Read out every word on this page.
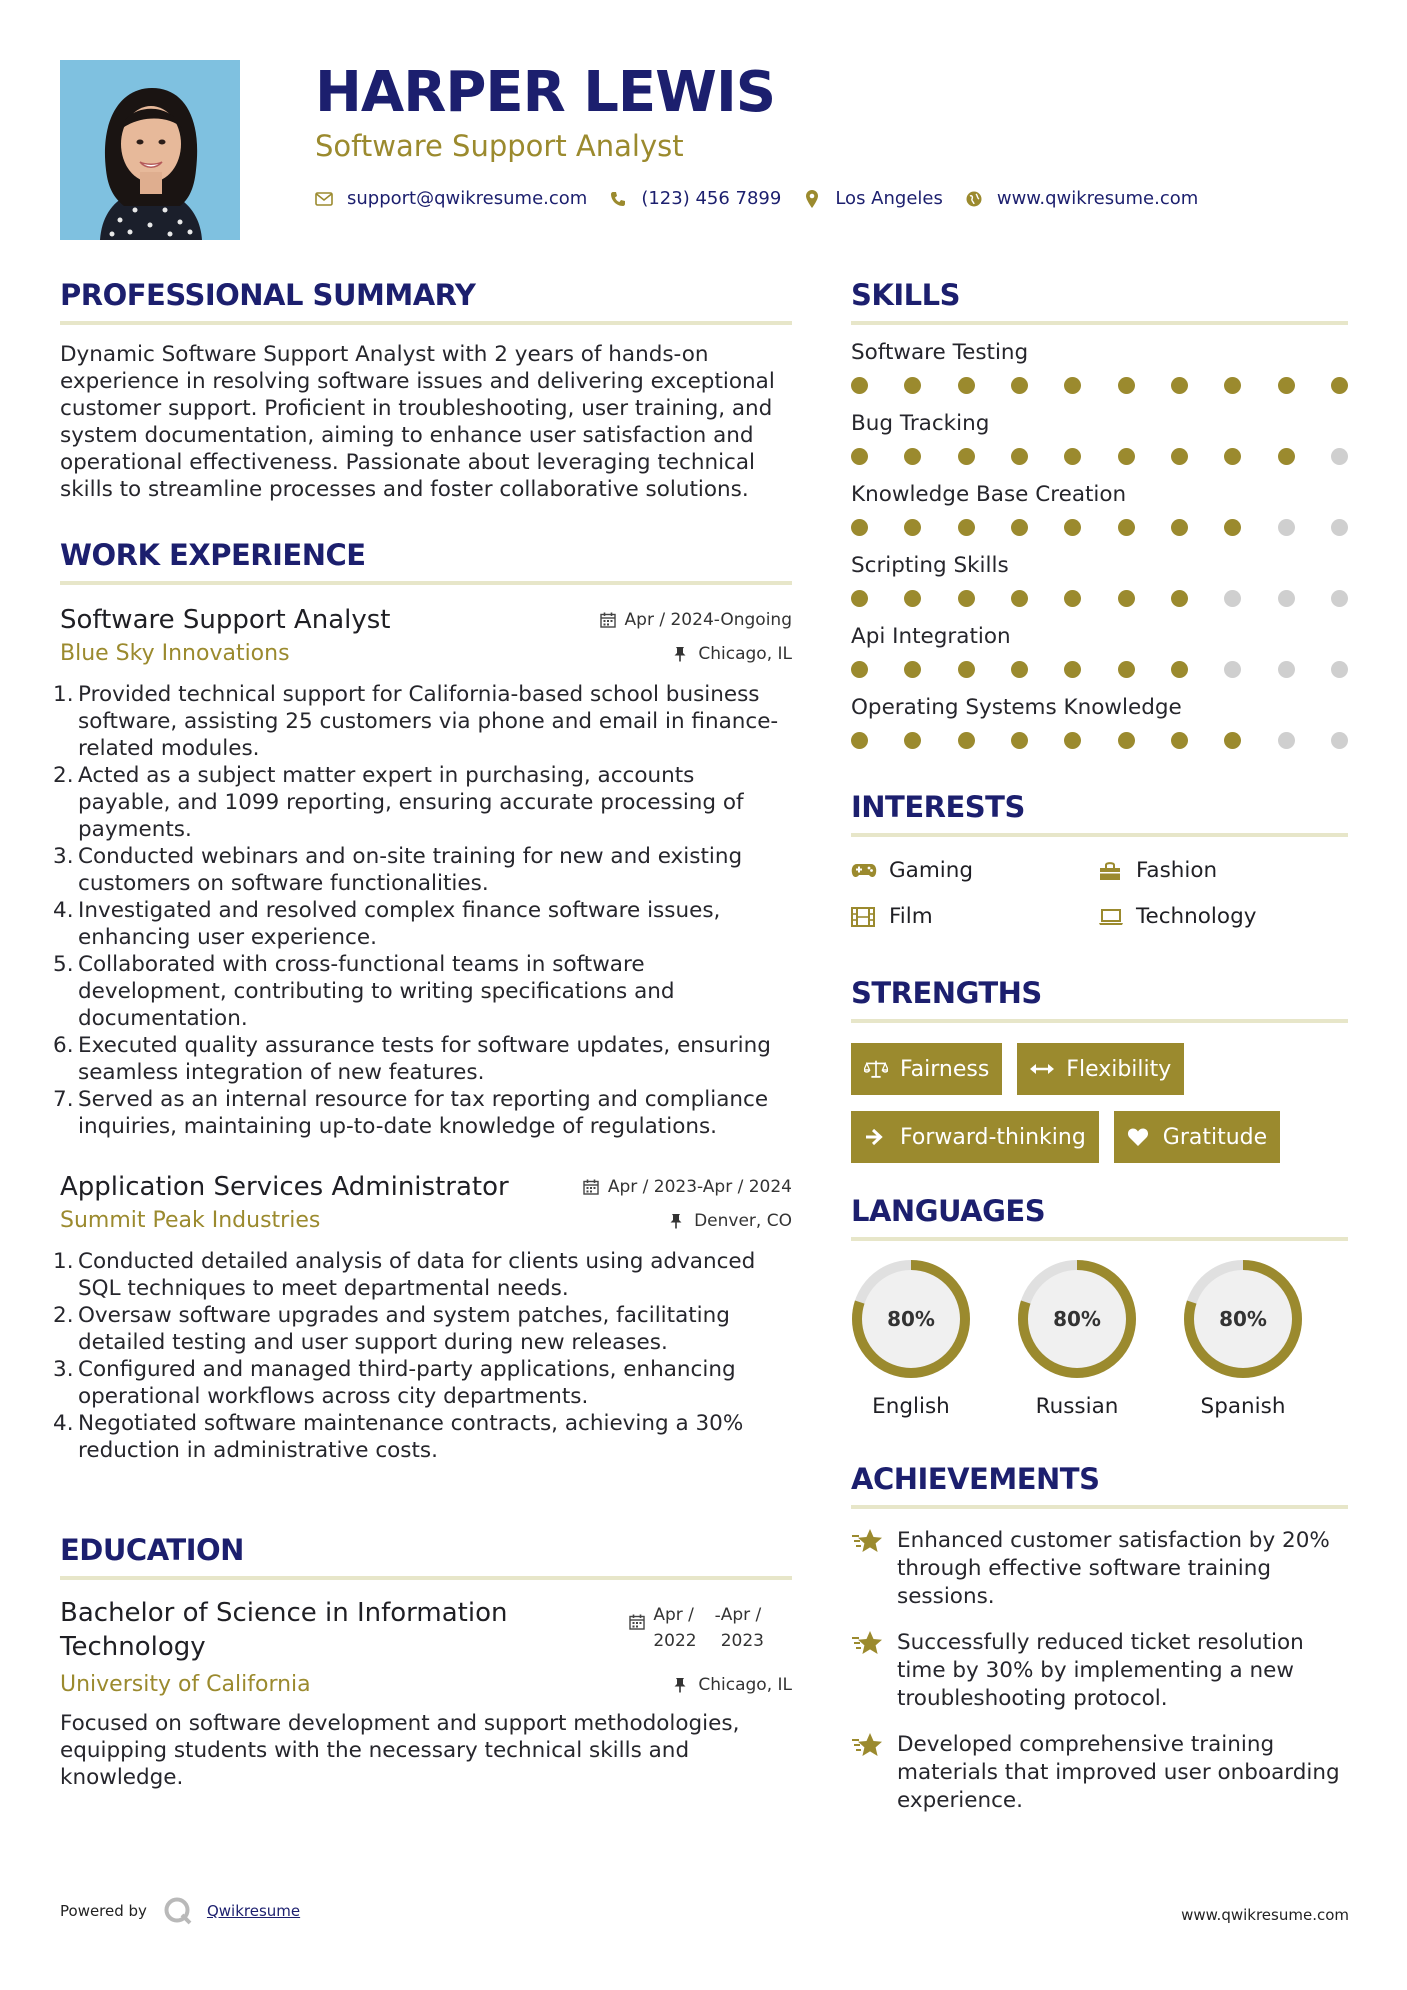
HARPER LEWIS
Software Support Analyst
support@qwikresume.com	(123) 456 7899	Los Angeles	www.qwikresume.com
PROFESSIONAL SUMMARY

Dynamic Software Support Analyst with 2 years of hands-on experience in resolving software issues and delivering exceptional customer support. Proficient in troubleshooting, user training, and system documentation, aiming to enhance user satisfaction and operational effectiveness. Passionate about leveraging technical skills to streamline processes and foster collaborative solutions.

WORK EXPERIENCE
Software Support Analyst	Apr / 2024-Ongoing
Blue Sky Innovations	Chicago, IL
Provided technical support for California-based school business software, assisting 25 customers via phone and email in finance-related modules.
Acted as a subject matter expert in purchasing, accounts payable, and 1099 reporting, ensuring accurate processing of payments.
Conducted webinars and on-site training for new and existing customers on software functionalities.
Investigated and resolved complex finance software issues, enhancing user experience.
Collaborated with cross-functional teams in software development, contributing to writing specifications and documentation.
Executed quality assurance tests for software updates, ensuring seamless integration of new features.
Served as an internal resource for tax reporting and compliance inquiries, maintaining up-to-date knowledge of regulations.
Application Services Administrator	Apr / 2023-Apr / 2024
Summit Peak Industries	Denver, CO
Conducted detailed analysis of data for clients using advanced SQL techniques to meet departmental needs.
Oversaw software upgrades and system patches, facilitating detailed testing and user support during new releases.
Configured and managed third-party applications, enhancing operational workflows across city departments.
Negotiated software maintenance contracts, achieving a 30% reduction in administrative costs.
EDUCATION
Bachelor of Science in Information Technology
Apr /
2022
- Apr /
2023
University of California	Chicago, IL

Focused on software development and support methodologies, equipping students with the necessary technical skills and knowledge.

SKILLS
Software Testing
Bug Tracking
Knowledge Base Creation
Scripting Skills
Api Integration
Operating Systems Knowledge
INTERESTS
Gaming	Fashion
Film	Technology
STRENGTHS
Fairness	Flexibility
Forward-thinking	Gratitude
LANGUAGES
80%
English
80%
Russian
80%
Spanish
ACHIEVEMENTS
Enhanced customer satisfaction by 20% through effective software training sessions.
Successfully reduced ticket resolution time by 30% by implementing a new troubleshooting protocol.
Developed comprehensive training materials that improved user onboarding experience.
Powered by	Qwikresume	www.qwikresume.com
